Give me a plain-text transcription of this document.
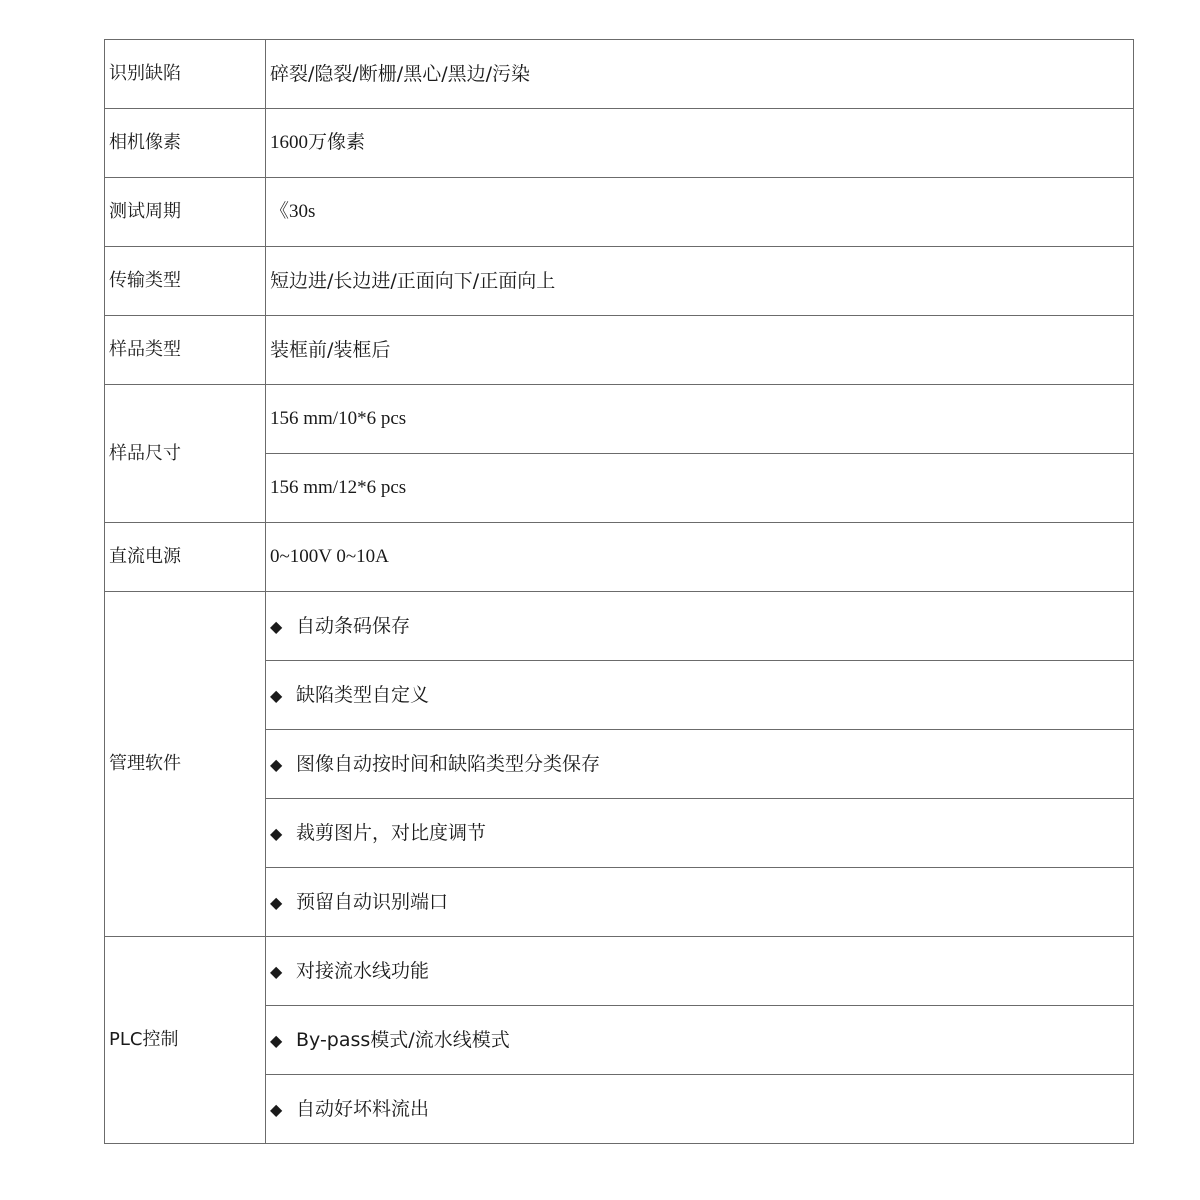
识别缺陷	碎裂/隐裂/断栅/黑心/黑边/污染
相机像素	1600万像素
测试周期	《30s
传输类型	短边进/长边进/正面向下/正面向上
样品类型	装框前/装框后
样品尺寸	156 mm/10*6 pcs
	156 mm/12*6 pcs
直流电源	0~100V 0~10A
管理软件	◆ 自动条码保存
	◆ 缺陷类型自定义
	◆ 图像自动按时间和缺陷类型分类保存
	◆ 裁剪图片，对比度调节
	◆ 预留自动识别端口
PLC控制	◆ 对接流水线功能
	◆ By-pass模式/流水线模式
	◆ 自动好坏料流出
